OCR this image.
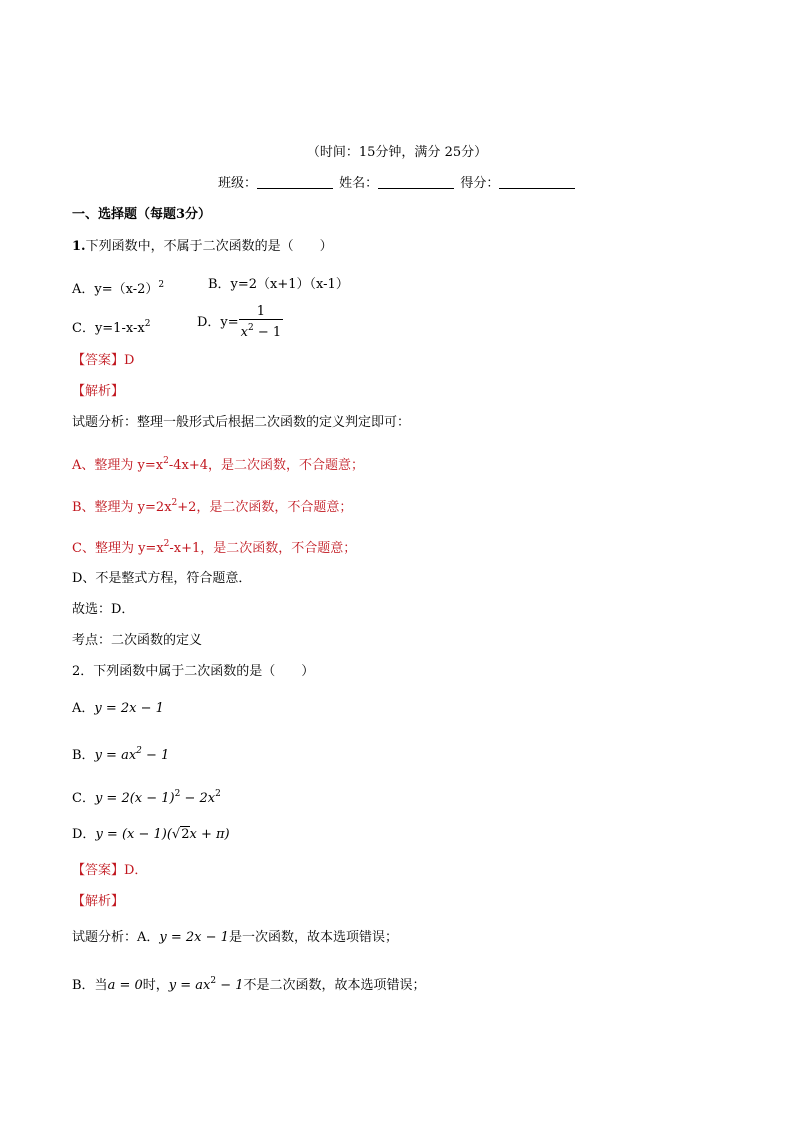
（时间：15分钟，满分 25分）
班级：	姓名：	得分：
一、选择题（每题3分）
1.下列函数中，不属于二次函数的是（　　）
A．$y=(x-2)^2$	B．y=2（x+1）（x-1）
C．$y=1-x-x^2$	D．$y= \frac{1}{x^2 - 1}$
【答案】D
【解析】
试题分析：整理一般形式后根据二次函数的定义判定即可：
A、整理为 $y=x^2-4x+4$，是二次函数，不合题意；
B、整理为 $y=2x^2+2$，是二次函数，不合题意；
C、整理为 $y=x^2-x+1$，是二次函数，不合题意；
D、不是整式方程，符合题意．
故选：D．
考点：二次函数的定义
2．下列函数中属于二次函数的是（　　）
A．y = 2x − 1
B．$y = ax^2 - 1$
C．$y = 2(x - 1)^2 - 2x^2$
D．y = (x − 1)(√2x + π)
【答案】D．
【解析】
试题分析：A．y = 2x − 1是一次函数，故本选项错误；
B．当a = 0时，$y = ax^2 - 1$不是二次函数，故本选项错误；
